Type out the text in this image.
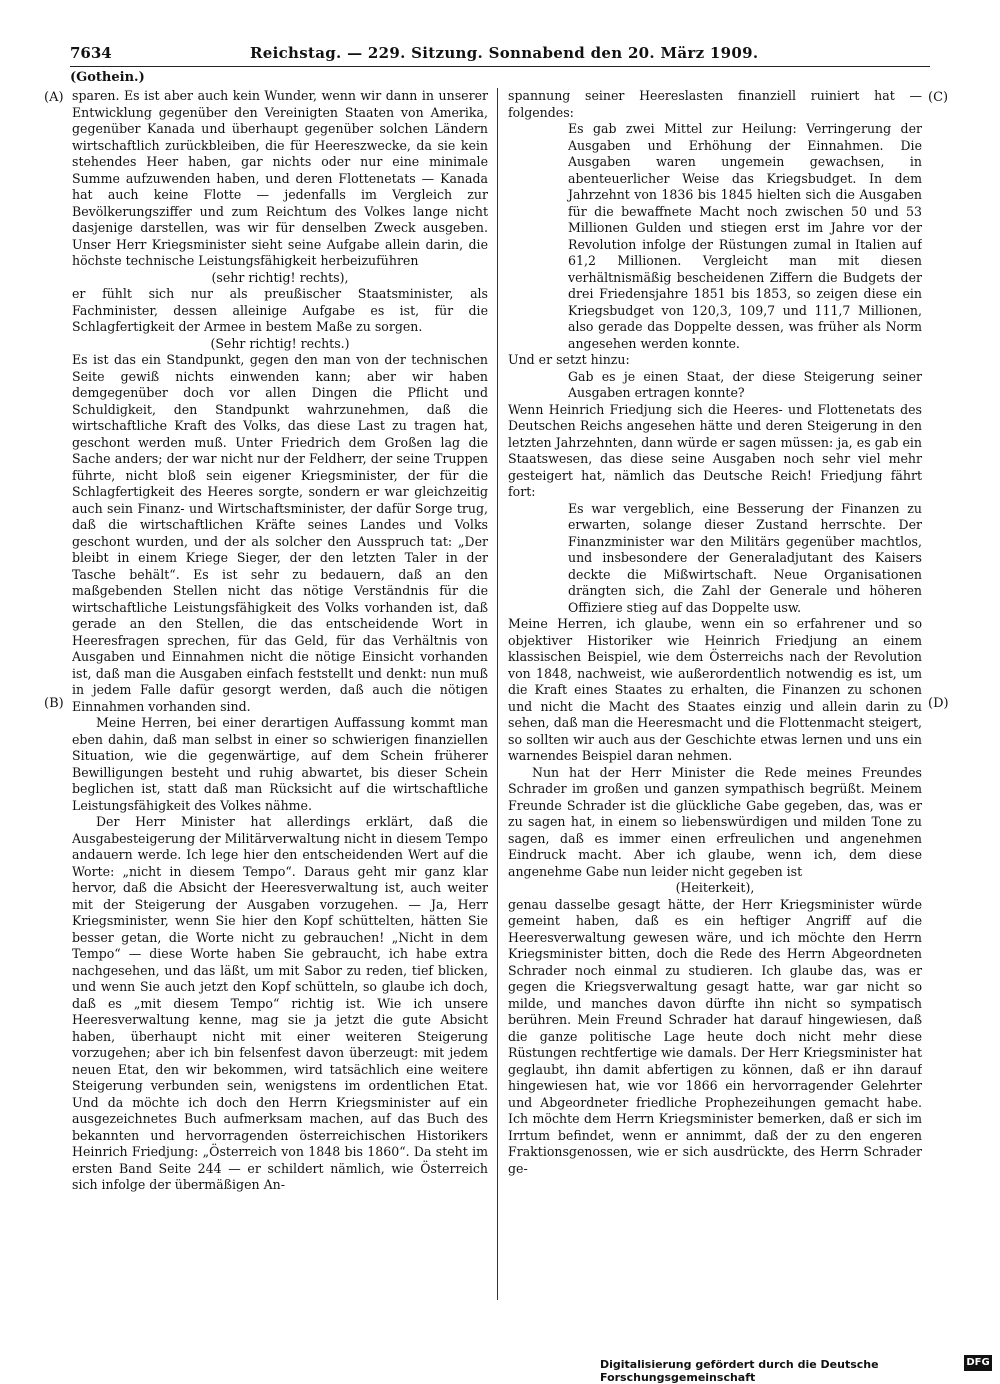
7634	Reichstag. — 229. Sitzung. Sonnabend den 20. März 1909.
(Gothein.)
(A)
(B)
(C)
(D)

sparen. Es ist aber auch kein Wunder, wenn wir dann in unserer Entwicklung gegenüber den Vereinigten Staaten von Amerika, gegenüber Kanada und überhaupt gegenüber solchen Ländern wirtschaftlich zurückbleiben, die für Heereszwecke, da sie kein stehendes Heer haben, gar nichts oder nur eine minimale Summe aufzuwenden haben, und deren Flottenetats — Kanada hat auch keine Flotte — jedenfalls im Vergleich zur Bevölkerungsziffer und zum Reichtum des Volkes lange nicht dasjenige darstellen, was wir für denselben Zweck ausgeben. Unser Herr Kriegsminister sieht seine Aufgabe allein darin, die höchste technische Leistungsfähigkeit herbeizuführen

(sehr richtig! rechts),

er fühlt sich nur als preußischer Staatsminister, als Fachminister, dessen alleinige Aufgabe es ist, für die Schlagfertigkeit der Armee in bestem Maße zu sorgen.

(Sehr richtig! rechts.)

Es ist das ein Standpunkt, gegen den man von der technischen Seite gewiß nichts einwenden kann; aber wir haben demgegenüber doch vor allen Dingen die Pflicht und Schuldigkeit, den Standpunkt wahrzunehmen, daß die wirtschaftliche Kraft des Volks, das diese Last zu tragen hat, geschont werden muß. Unter Friedrich dem Großen lag die Sache anders; der war nicht nur der Feldherr, der seine Truppen führte, nicht bloß sein eigener Kriegsminister, der für die Schlagfertigkeit des Heeres sorgte, sondern er war gleichzeitig auch sein Finanz- und Wirtschaftsminister, der dafür Sorge trug, daß die wirtschaftlichen Kräfte seines Landes und Volks geschont wurden, und der als solcher den Ausspruch tat: „Der bleibt in einem Kriege Sieger, der den letzten Taler in der Tasche behält“. Es ist sehr zu bedauern, daß an den maßgebenden Stellen nicht das nötige Verständnis für die wirtschaftliche Leistungsfähigkeit des Volks vorhanden ist, daß gerade an den Stellen, die das entscheidende Wort in Heeresfragen sprechen, für das Geld, für das Verhältnis von Ausgaben und Einnahmen nicht die nötige Einsicht vorhanden ist, daß man die Ausgaben einfach feststellt und denkt: nun muß in jedem Falle dafür gesorgt werden, daß auch die nötigen Einnahmen vorhanden sind.

Meine Herren, bei einer derartigen Auffassung kommt man eben dahin, daß man selbst in einer so schwierigen finanziellen Situation, wie die gegenwärtige, auf dem Schein früherer Bewilligungen besteht und ruhig abwartet, bis dieser Schein beglichen ist, statt daß man Rücksicht auf die wirtschaftliche Leistungsfähigkeit des Volkes nähme.

Der Herr Minister hat allerdings erklärt, daß die Ausgabesteigerung der Militärverwaltung nicht in diesem Tempo andauern werde. Ich lege hier den entscheidenden Wert auf die Worte: „nicht in diesem Tempo“. Daraus geht mir ganz klar hervor, daß die Absicht der Heeresverwaltung ist, auch weiter mit der Steigerung der Ausgaben vorzugehen. — Ja, Herr Kriegsminister, wenn Sie hier den Kopf schüttelten, hätten Sie besser getan, die Worte nicht zu gebrauchen! „Nicht in dem Tempo“ — diese Worte haben Sie gebraucht, ich habe extra nachgesehen, und das läßt, um mit Sabor zu reden, tief blicken, und wenn Sie auch jetzt den Kopf schütteln, so glaube ich doch, daß es „mit diesem Tempo“ richtig ist. Wie ich unsere Heeresverwaltung kenne, mag sie ja jetzt die gute Absicht haben, überhaupt nicht mit einer weiteren Steigerung vorzugehen; aber ich bin felsenfest davon überzeugt: mit jedem neuen Etat, den wir bekommen, wird tatsächlich eine weitere Steigerung verbunden sein, wenigstens im ordentlichen Etat. Und da möchte ich doch den Herrn Kriegsminister auf ein ausgezeichnetes Buch aufmerksam machen, auf das Buch des bekannten und hervorragenden österreichischen Historikers Heinrich Friedjung: „Österreich von 1848 bis 1860“. Da steht im ersten Band Seite 244 — er schildert nämlich, wie Österreich sich infolge der übermäßigen An-

spannung seiner Heereslasten finanziell ruiniert hat — folgendes:

Es gab zwei Mittel zur Heilung: Verringerung der Ausgaben und Erhöhung der Einnahmen. Die Ausgaben waren ungemein gewachsen, in abenteuerlicher Weise das Kriegsbudget. In dem Jahrzehnt von 1836 bis 1845 hielten sich die Ausgaben für die bewaffnete Macht noch zwischen 50 und 53 Millionen Gulden und stiegen erst im Jahre vor der Revolution infolge der Rüstungen zumal in Italien auf 61,2 Millionen. Vergleicht man mit diesen verhältnismäßig bescheidenen Ziffern die Budgets der drei Friedensjahre 1851 bis 1853, so zeigen diese ein Kriegsbudget von 120,3, 109,7 und 111,7 Millionen, also gerade das Doppelte dessen, was früher als Norm angesehen werden konnte.

Und er setzt hinzu:

Gab es je einen Staat, der diese Steigerung seiner Ausgaben ertragen konnte?

Wenn Heinrich Friedjung sich die Heeres- und Flottenetats des Deutschen Reichs angesehen hätte und deren Steigerung in den letzten Jahrzehnten, dann würde er sagen müssen: ja, es gab ein Staatswesen, das diese seine Ausgaben noch sehr viel mehr gesteigert hat, nämlich das Deutsche Reich! Friedjung fährt fort:

Es war vergeblich, eine Besserung der Finanzen zu erwarten, solange dieser Zustand herrschte. Der Finanzminister war den Militärs gegenüber machtlos, und insbesondere der Generaladjutant des Kaisers deckte die Mißwirtschaft. Neue Organisationen drängten sich, die Zahl der Generale und höheren Offiziere stieg auf das Doppelte usw.

Meine Herren, ich glaube, wenn ein so erfahrener und so objektiver Historiker wie Heinrich Friedjung an einem klassischen Beispiel, wie dem Österreichs nach der Revolution von 1848, nachweist, wie außerordentlich notwendig es ist, um die Kraft eines Staates zu erhalten, die Finanzen zu schonen und nicht die Macht des Staates einzig und allein darin zu sehen, daß man die Heeresmacht und die Flottenmacht steigert, so sollten wir auch aus der Geschichte etwas lernen und uns ein warnendes Beispiel daran nehmen.

Nun hat der Herr Minister die Rede meines Freundes Schrader im großen und ganzen sympathisch begrüßt. Meinem Freunde Schrader ist die glückliche Gabe gegeben, das, was er zu sagen hat, in einem so liebenswürdigen und milden Tone zu sagen, daß es immer einen erfreulichen und angenehmen Eindruck macht. Aber ich glaube, wenn ich, dem diese angenehme Gabe nun leider nicht gegeben ist

(Heiterkeit),

genau dasselbe gesagt hätte, der Herr Kriegsminister würde gemeint haben, daß es ein heftiger Angriff auf die Heeresverwaltung gewesen wäre, und ich möchte den Herrn Kriegsminister bitten, doch die Rede des Herrn Abgeordneten Schrader noch einmal zu studieren. Ich glaube das, was er gegen die Kriegsverwaltung gesagt hatte, war gar nicht so milde, und manches davon dürfte ihn nicht so sympatisch berühren. Mein Freund Schrader hat darauf hingewiesen, daß die ganze politische Lage heute doch nicht mehr diese Rüstungen rechtfertige wie damals. Der Herr Kriegsminister hat geglaubt, ihn damit abfertigen zu können, daß er ihn darauf hingewiesen hat, wie vor 1866 ein hervorragender Gelehrter und Abgeordneter friedliche Prophezeihungen gemacht habe. Ich möchte dem Herrn Kriegsminister bemerken, daß er sich im Irrtum befindet, wenn er annimmt, daß der zu den engeren Fraktionsgenossen, wie er sich ausdrückte, des Herrn Schrader ge-

Digitalisierung gefördert durch die Deutsche Forschungsgemeinschaft
DFG
